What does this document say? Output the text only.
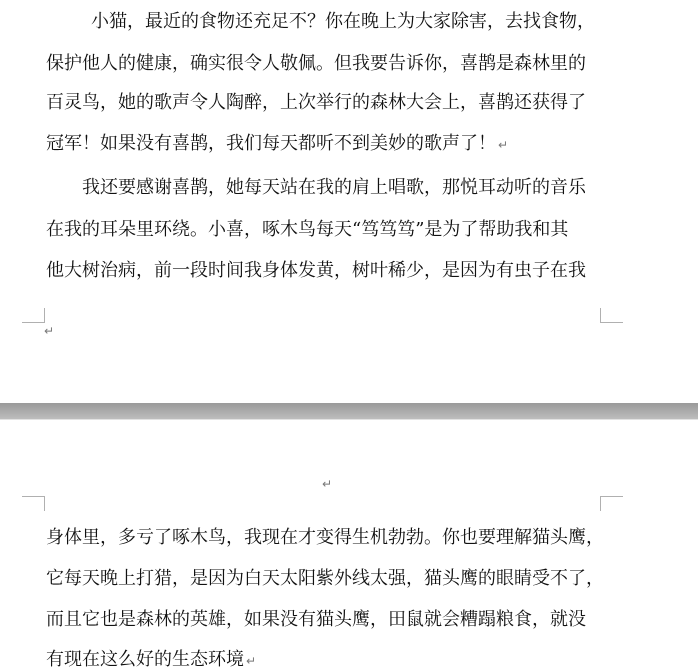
小猫，最近的食物还充足不？你在晚上为大家除害，去找食物，
保护他人的健康，确实很令人敬佩。但我要告诉你，喜鹊是森林里的
百灵鸟，她的歌声令人陶醉，上次举行的森林大会上，喜鹊还获得了
冠军！如果没有喜鹊，我们每天都听不到美妙的歌声了！ ↵
我还要感谢喜鹊，她每天站在我的肩上唱歌，那悦耳动听的音乐
在我的耳朵里环绕。小喜，啄木鸟每天“笃笃笃”是为了帮助我和其
他大树治病，前一段时间我身体发黄，树叶稀少，是因为有虫子在我
↵
↵
身体里，多亏了啄木鸟，我现在才变得生机勃勃。你也要理解猫头鹰，
它每天晚上打猎，是因为白天太阳紫外线太强，猫头鹰的眼睛受不了，
而且它也是森林的英雄，如果没有猫头鹰，田鼠就会糟蹋粮食，就没
有现在这么好的生态环境 ↵
